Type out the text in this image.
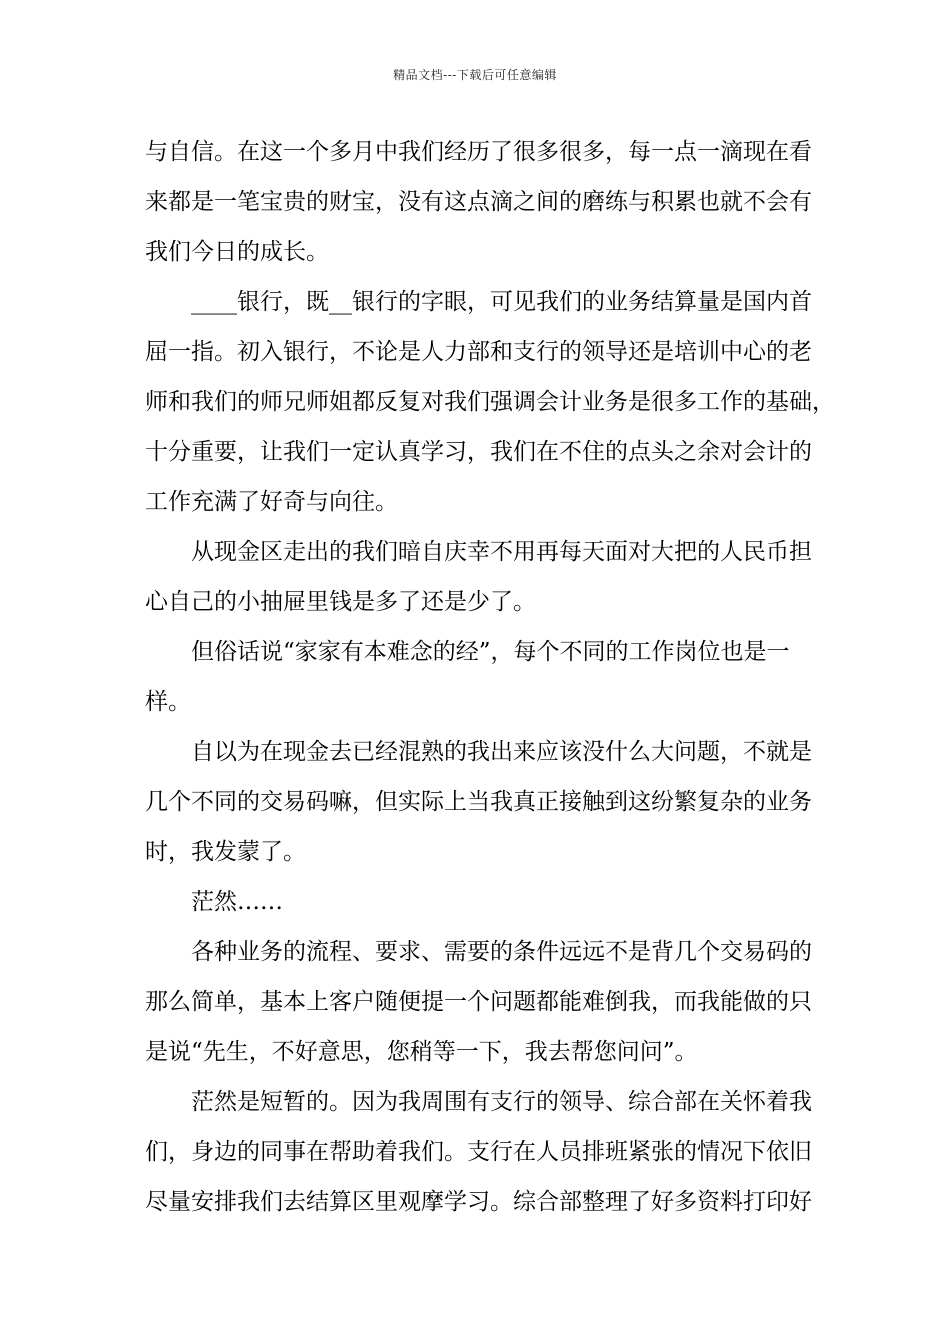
精品文档---下载后可任意编辑
与自信。在这一个多月中我们经历了很多很多，每一点一滴现在看
来都是一笔宝贵的财宝，没有这点滴之间的磨练与积累也就不会有
我们今日的成长。
____银行，既__银行的字眼，可见我们的业务结算量是国内首
屈一指。初入银行，不论是人力部和支行的领导还是培训中心的老
师和我们的师兄师姐都反复对我们强调会计业务是很多工作的基础，
十分重要，让我们一定认真学习，我们在不住的点头之余对会计的
工作充满了好奇与向往。
从现金区走出的我们暗自庆幸不用再每天面对大把的人民币担
心自己的小抽屉里钱是多了还是少了。
但俗话说“家家有本难念的经”，每个不同的工作岗位也是一
样。
自以为在现金去已经混熟的我出来应该没什么大问题，不就是
几个不同的交易码嘛，但实际上当我真正接触到这纷繁复杂的业务
时，我发蒙了。
茫然……
各种业务的流程、要求、需要的条件远远不是背几个交易码的
那么简单，基本上客户随便提一个问题都能难倒我，而我能做的只
是说“先生，不好意思，您稍等一下，我去帮您问问”。
茫然是短暂的。因为我周围有支行的领导、综合部在关怀着我
们，身边的同事在帮助着我们。支行在人员排班紧张的情况下依旧
尽量安排我们去结算区里观摩学习。综合部整理了好多资料打印好
